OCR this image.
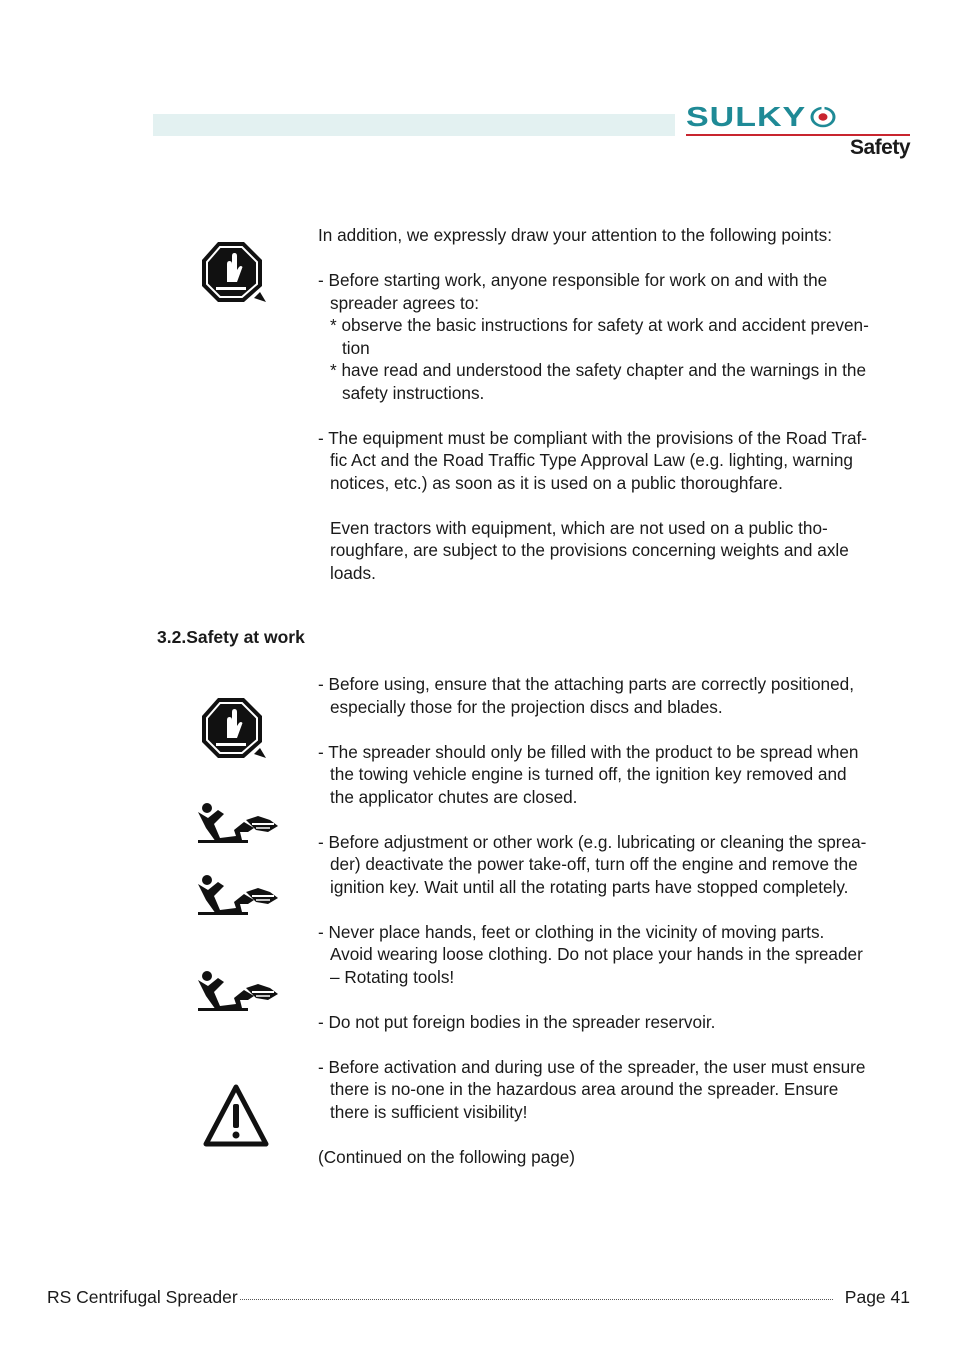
SULKY
Safety

In addition, we expressly draw your attention to the following points:

- Before starting work, anyone responsible for work on and with the

spreader agrees to:

* observe the basic instructions for safety at work and accident preven-

tion

* have read and understood the safety chapter and the warnings in the

safety instructions.

- The equipment must be compliant with the provisions of the Road Traf-

fic Act and the Road Traffic Type Approval Law (e.g. lighting, warning

notices, etc.) as soon as it is used on a public thoroughfare.

Even tractors with equipment, which are not used on a public tho-

roughfare, are subject to the provisions concerning weights and axle

loads.

3.2.Safety at work

- Before using, ensure that the attaching parts are correctly positioned,

especially those for the projection discs and blades.

- The spreader should only be filled with the product to be spread when

the towing vehicle engine is turned off, the ignition key removed and

the applicator chutes are closed.

- Before adjustment or other work (e.g. lubricating or cleaning the sprea-

der) deactivate the power take-off, turn off the engine and remove the

ignition key. Wait until all the rotating parts have stopped completely.

- Never place hands, feet or clothing in the vicinity of moving parts.

Avoid wearing loose clothing. Do not place your hands in the spreader

– Rotating tools!

- Do not put foreign bodies in the spreader reservoir.

- Before activation and during use of the spreader, the user must ensure

there is no-one in the hazardous area around the spreader. Ensure

there is sufficient visibility!

(Continued on the following page)

RS Centrifugal Spreader	Page 41
